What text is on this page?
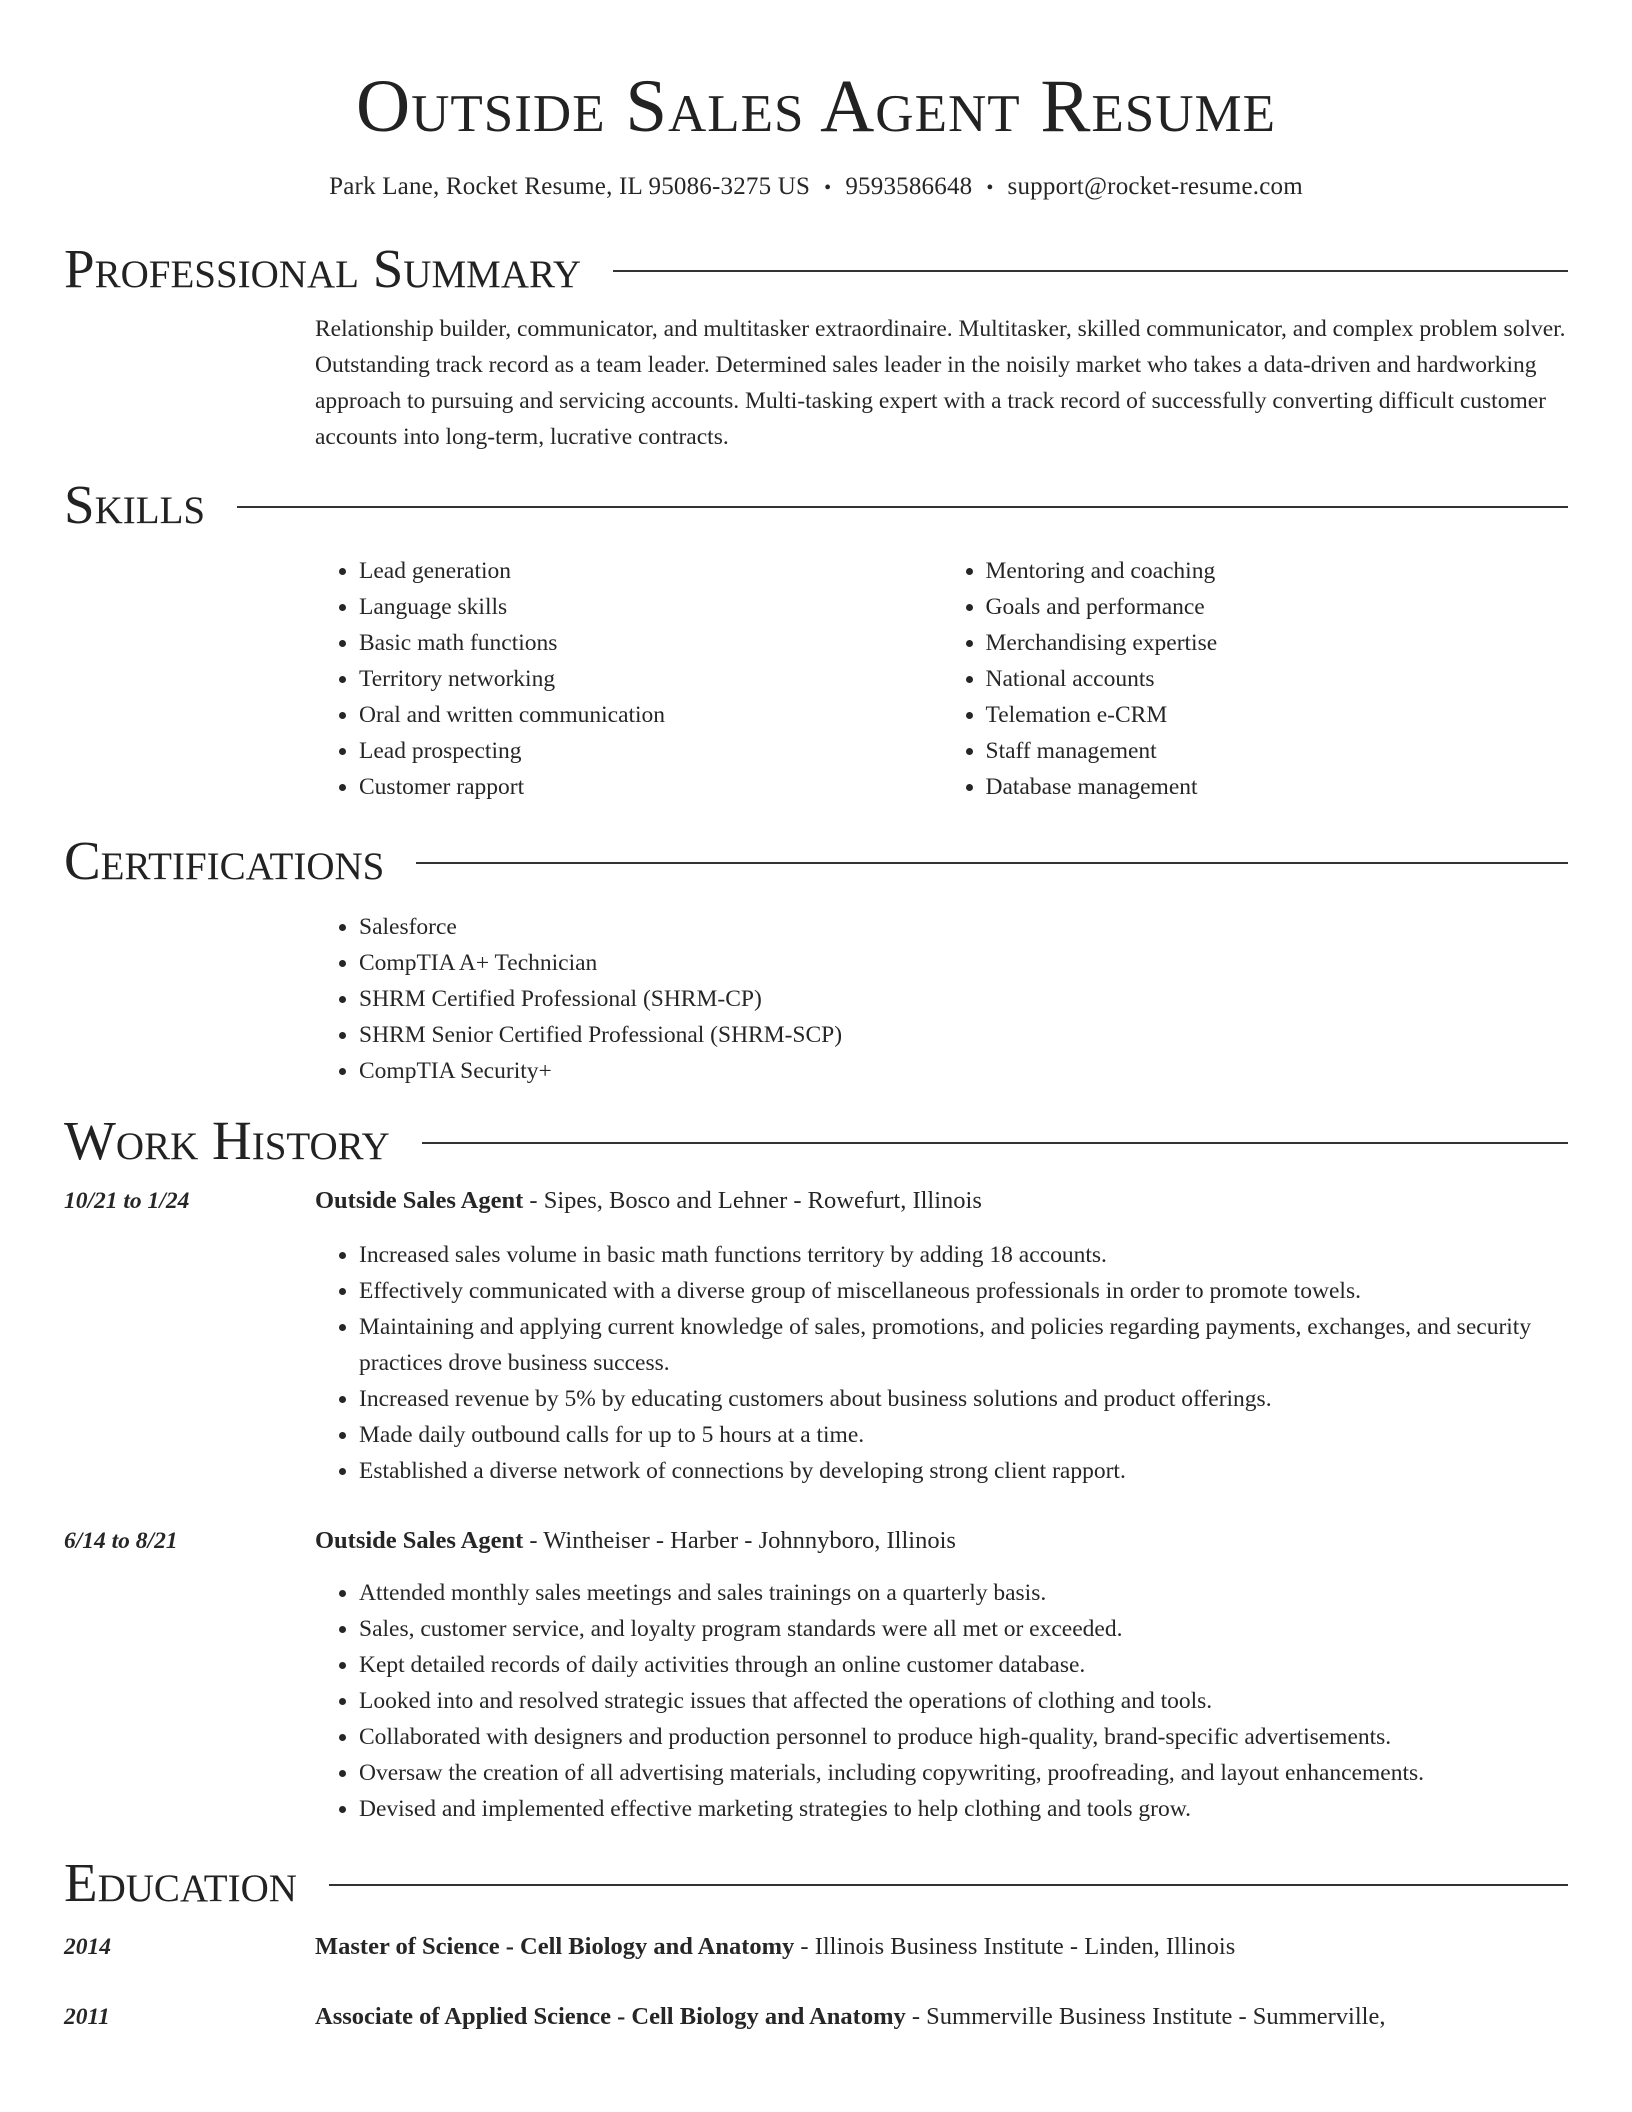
Outside Sales Agent Resume
Park Lane, Rocket Resume, IL 95086-3275 US • 9593586648 • support@rocket-resume.com
Professional Summary

Relationship builder, communicator, and multitasker extraordinaire. Multitasker, skilled communicator, and complex problem solver. Outstanding track record as a team leader. Determined sales leader in the noisily market who takes a data-driven and hardworking approach to pursuing and servicing accounts. Multi-tasking expert with a track record of successfully converting difficult customer accounts into long-term, lucrative contracts.

Skills
• Lead generation
• Language skills
• Basic math functions
• Territory networking
• Oral and written communication
• Lead prospecting
• Customer rapport
• Mentoring and coaching
• Goals and performance
• Merchandising expertise
• National accounts
• Telemation e-CRM
• Staff management
• Database management
Certifications
• Salesforce
• CompTIA A+ Technician
• SHRM Certified Professional (SHRM-CP)
• SHRM Senior Certified Professional (SHRM-SCP)
• CompTIA Security+
Work History
10/21 to 1/24	Outside Sales Agent - Sipes, Bosco and Lehner - Rowefurt, Illinois
• Increased sales volume in basic math functions territory by adding 18 accounts.
• Effectively communicated with a diverse group of miscellaneous professionals in order to promote towels.
• Maintaining and applying current knowledge of sales, promotions, and policies regarding payments, exchanges, and security practices drove business success.
• Increased revenue by 5% by educating customers about business solutions and product offerings.
• Made daily outbound calls for up to 5 hours at a time.
• Established a diverse network of connections by developing strong client rapport.
6/14 to 8/21	Outside Sales Agent - Wintheiser - Harber - Johnnyboro, Illinois
• Attended monthly sales meetings and sales trainings on a quarterly basis.
• Sales, customer service, and loyalty program standards were all met or exceeded.
• Kept detailed records of daily activities through an online customer database.
• Looked into and resolved strategic issues that affected the operations of clothing and tools.
• Collaborated with designers and production personnel to produce high-quality, brand-specific advertisements.
• Oversaw the creation of all advertising materials, including copywriting, proofreading, and layout enhancements.
• Devised and implemented effective marketing strategies to help clothing and tools grow.
Education
2014	Master of Science - Cell Biology and Anatomy - Illinois Business Institute - Linden, Illinois
2011	Associate of Applied Science - Cell Biology and Anatomy - Summerville Business Institute - Summerville,
